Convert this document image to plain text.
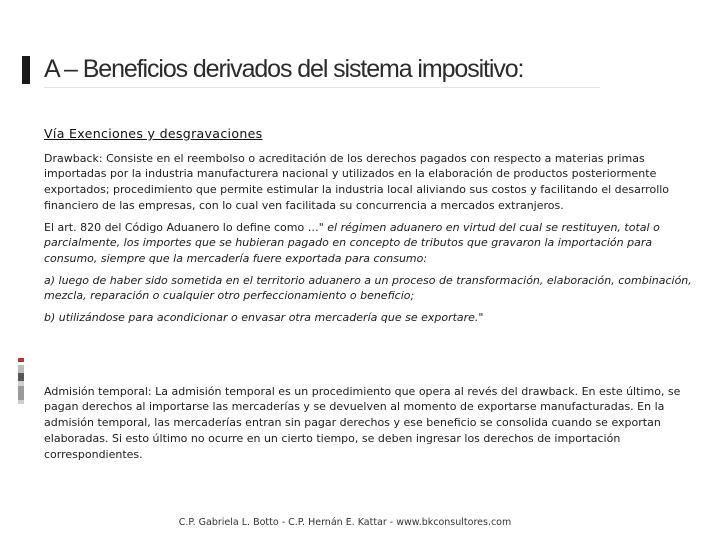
A – Beneficios derivados del sistema impositivo:

Vía Exenciones y desgravaciones

Drawback: Consiste en el reembolso o acreditación de los derechos pagados con respecto a materias primas importadas por la industria manufacturera nacional y utilizados en la elaboración de productos posteriormente exportados; procedimiento que permite estimular la industria local aliviando sus costos y facilitando el desarrollo financiero de las empresas, con lo cual ven facilitada su concurrencia a mercados extranjeros.

El art. 820 del Código Aduanero lo define como …" el régimen aduanero en virtud del cual se restituyen, total o parcialmente, los importes que se hubieran pagado en concepto de tributos que gravaron la importación para consumo, siempre que la mercadería fuere exportada para consumo:

a) luego de haber sido sometida en el territorio aduanero a un proceso de transformación, elaboración, combinación, mezcla, reparación o cualquier otro perfeccionamiento o beneficio;

b) utilizándose para acondicionar o envasar otra mercadería que se exportare."

Admisión temporal: La admisión temporal es un procedimiento que opera al revés del drawback. En este último, se pagan derechos al importarse las mercaderías y se devuelven al momento de exportarse manufacturadas. En la admisión temporal, las mercaderías entran sin pagar derechos y ese beneficio se consolida cuando se exportan elaboradas. Si esto último no ocurre en un cierto tiempo, se deben ingresar los derechos de importación correspondientes.

C.P. Gabriela L. Botto - C.P. Hernán E. Kattar - www.bkconsultores.com
